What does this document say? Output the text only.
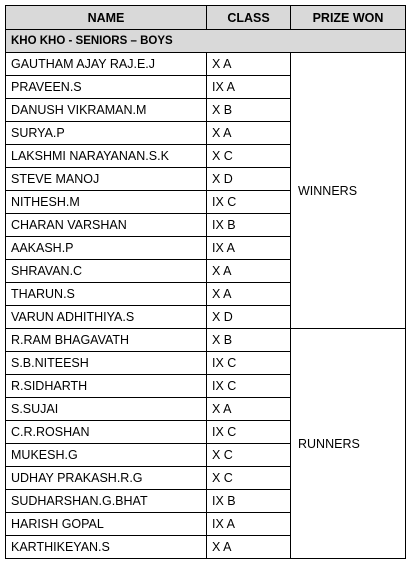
NAME	CLASS	PRIZE WON
KHO KHO - SENIORS – BOYS		
GAUTHAM AJAY RAJ.E.J	X A	WINNERS
PRAVEEN.S	IX A	
DANUSH VIKRAMAN.M	X B	
SURYA.P	X A	
LAKSHMI NARAYANAN.S.K	X C	
STEVE MANOJ	X D	
NITHESH.M	IX C	
CHARAN VARSHAN	IX B	
AAKASH.P	IX A	
SHRAVAN.C	X A	
THARUN.S	X A	
VARUN ADHITHIYA.S	X D	
R.RAM BHAGAVATH	X B	RUNNERS
S.B.NITEESH	IX C	
R.SIDHARTH	IX C	
S.SUJAI	X A	
C.R.ROSHAN	IX C	
MUKESH.G	X C	
UDHAY PRAKASH.R.G	X C	
SUDHARSHAN.G.BHAT	IX B	
HARISH GOPAL	IX A	
KARTHIKEYAN.S	X A	
